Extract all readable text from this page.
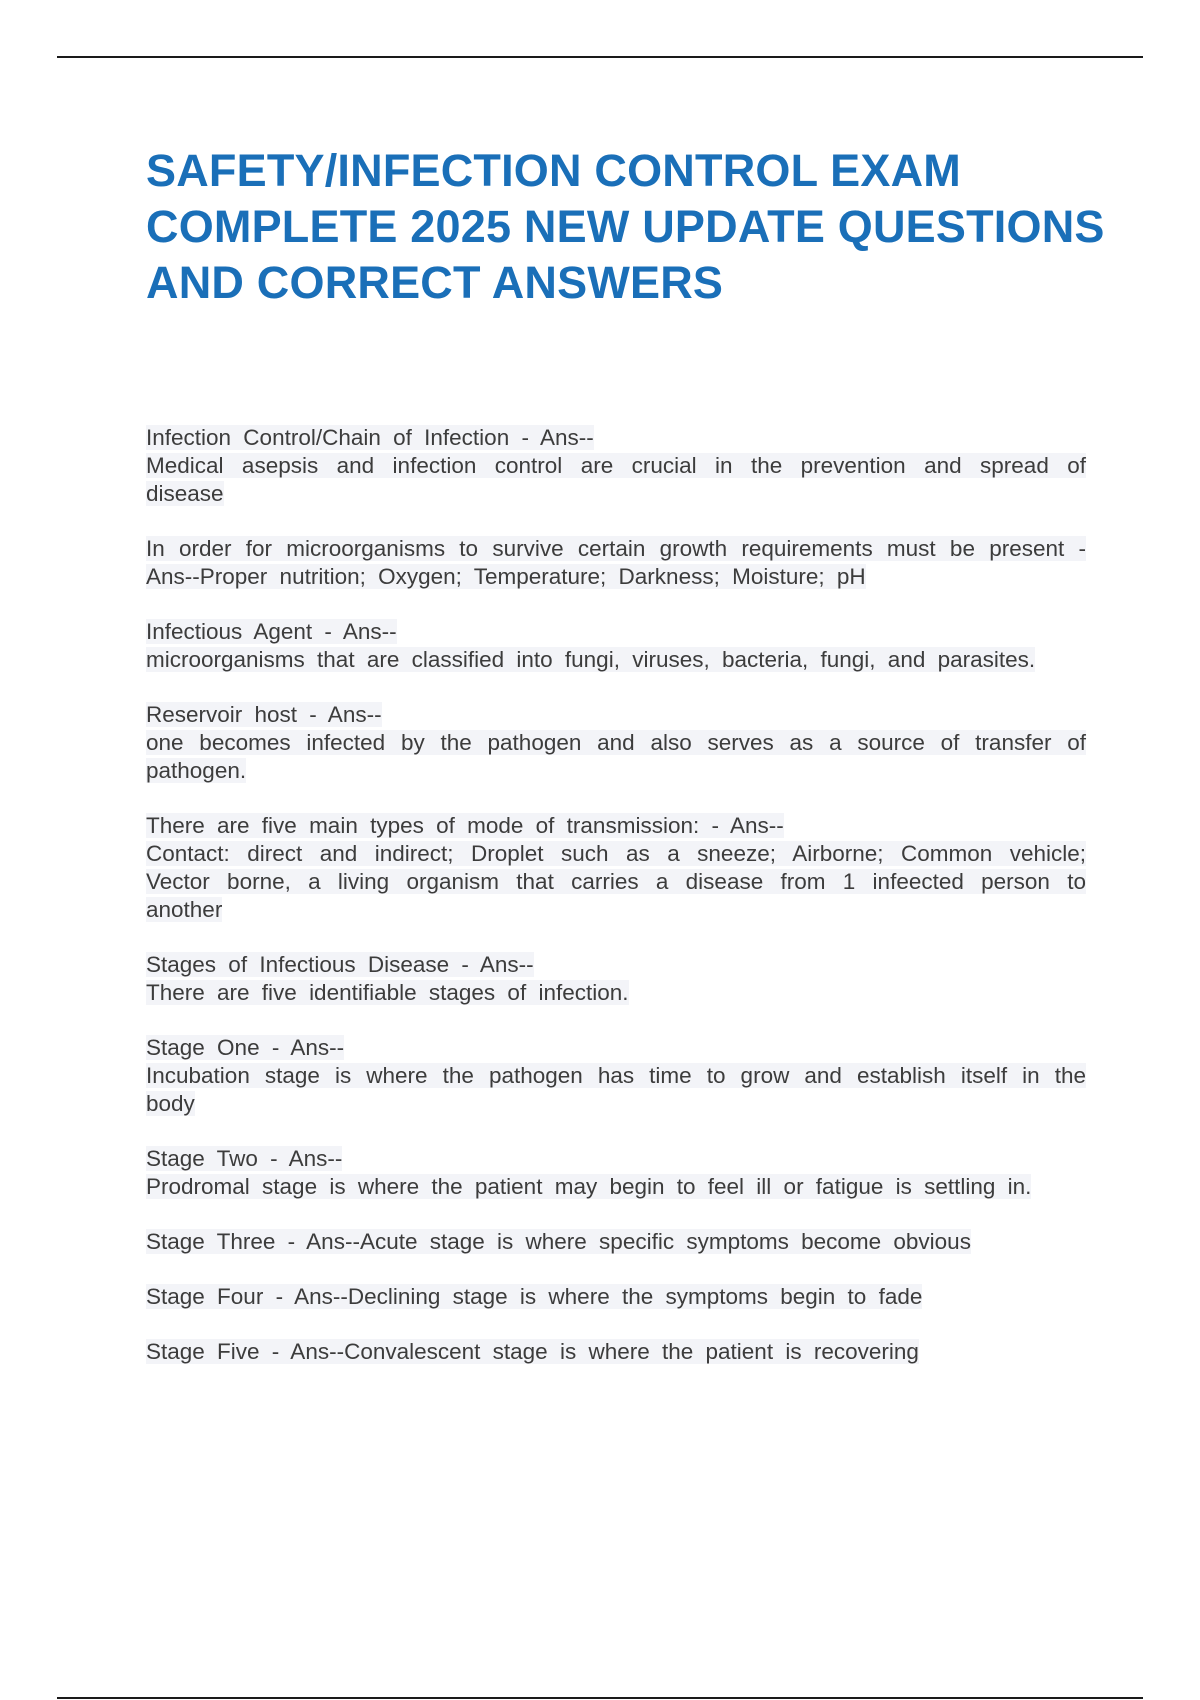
SAFETY/INFECTION CONTROL EXAM COMPLETE 2025 NEW UPDATE QUESTIONS AND CORRECT ANSWERS
Infection Control/Chain of Infection - Ans--
Medical asepsis and infection control are crucial in the prevention and spread of disease
In order for microorganisms to survive certain growth requirements must be present - Ans--Proper nutrition; Oxygen; Temperature; Darkness; Moisture; pH
Infectious Agent - Ans--
microorganisms that are classified into fungi, viruses, bacteria, fungi, and parasites.
Reservoir host - Ans--
one becomes infected by the pathogen and also serves as a source of transfer of pathogen.
There are five main types of mode of transmission: - Ans--
Contact: direct and indirect; Droplet such as a sneeze; Airborne; Common vehicle; Vector borne, a living organism that carries a disease from 1 infeected person to another
Stages of Infectious Disease - Ans--
There are five identifiable stages of infection.
Stage One - Ans--
Incubation stage is where the pathogen has time to grow and establish itself in the body
Stage Two - Ans--
Prodromal stage is where the patient may begin to feel ill or fatigue is settling in.
Stage Three - Ans--Acute stage is where specific symptoms become obvious
Stage Four - Ans--Declining stage is where the symptoms begin to fade
Stage Five - Ans--Convalescent stage is where the patient is recovering
